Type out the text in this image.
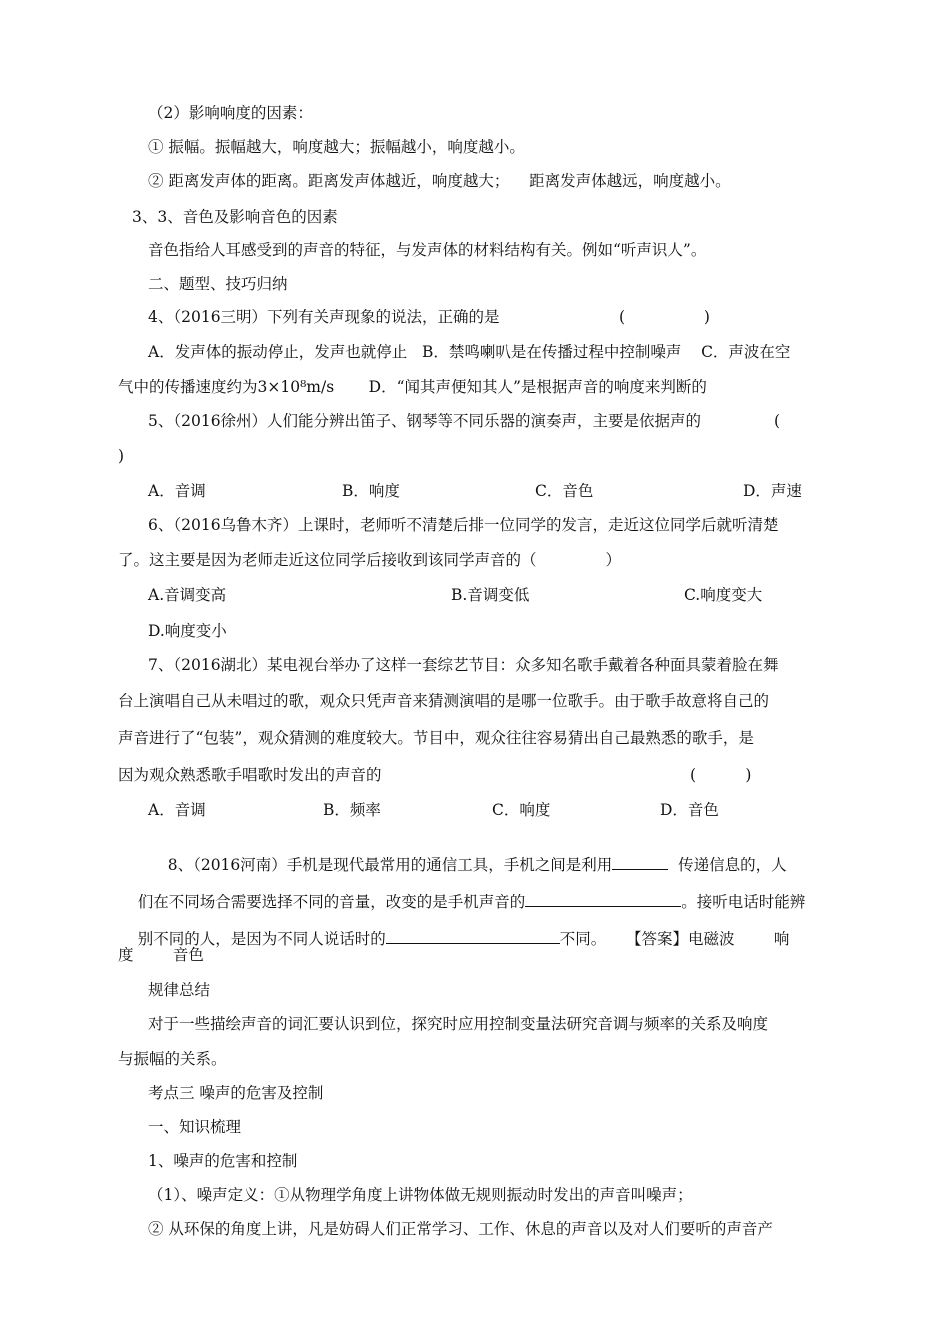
（2）影响响度的因素：
① 振幅。振幅越大，响度越大；振幅越小，响度越小。
② 距离发声体的距离。距离发声体越近，响度越大；    距离发声体越远，响度越小。
3、3、音色及影响音色的因素
音色指给人耳感受到的声音的特征，与发声体的材料结构有关。例如“听声识人”。
二、题型、技巧归纳
4、（2016三明）下列有关声现象的说法，正确的是	(                )
A．发声体的振动停止，发声也就停止   B．禁鸣喇叭是在传播过程中控制噪声    C．声波在空
气中的传播速度约为3×10⁸m/s       D．“闻其声便知其人”是根据声音的响度来判断的
5、（2016徐州）人们能分辨出笛子、钢琴等不同乐器的演奏声，主要是依据声的	(
)
A．音调	B．响度	C．音色	D．声速
6、（2016乌鲁木齐）上课时，老师听不清楚后排一位同学的发言，走近这位同学后就听清楚
了。这主要是因为老师走近这位同学后接收到该同学声音的（              ）
A.音调变高	B.音调变低	C.响度变大
D.响度变小
7、（2016湖北）某电视台举办了这样一套综艺节目：众多知名歌手戴着各种面具蒙着脸在舞
台上演唱自己从未唱过的歌，观众只凭声音来猜测演唱的是哪一位歌手。由于歌手故意将自己的
声音进行了“包装”，观众猜测的难度较大。节目中，观众往往容易猜出自己最熟悉的歌手，是
因为观众熟悉歌手唱歌时发出的声音的	(          )
A．音调	B．频率	C．响度	D．音色

8、（2016河南）手机是现代最常用的通信工具，手机之间是利用	传递信息的，人

们在不同场合需要选择不同的音量，改变的是手机声音的	。接听电话时能辨

别不同的人，是因为不同人说话时的	不同。 【答案】电磁波        响

度        音色
规律总结
对于一些描绘声音的词汇要认识到位，探究时应用控制变量法研究音调与频率的关系及响度
与振幅的关系。
考点三 噪声的危害及控制
一、知识梳理
1、噪声的危害和控制
（1）、噪声定义：①从物理学角度上讲物体做无规则振动时发出的声音叫噪声；
② 从环保的角度上讲，凡是妨碍人们正常学习、工作、休息的声音以及对人们要听的声音产
